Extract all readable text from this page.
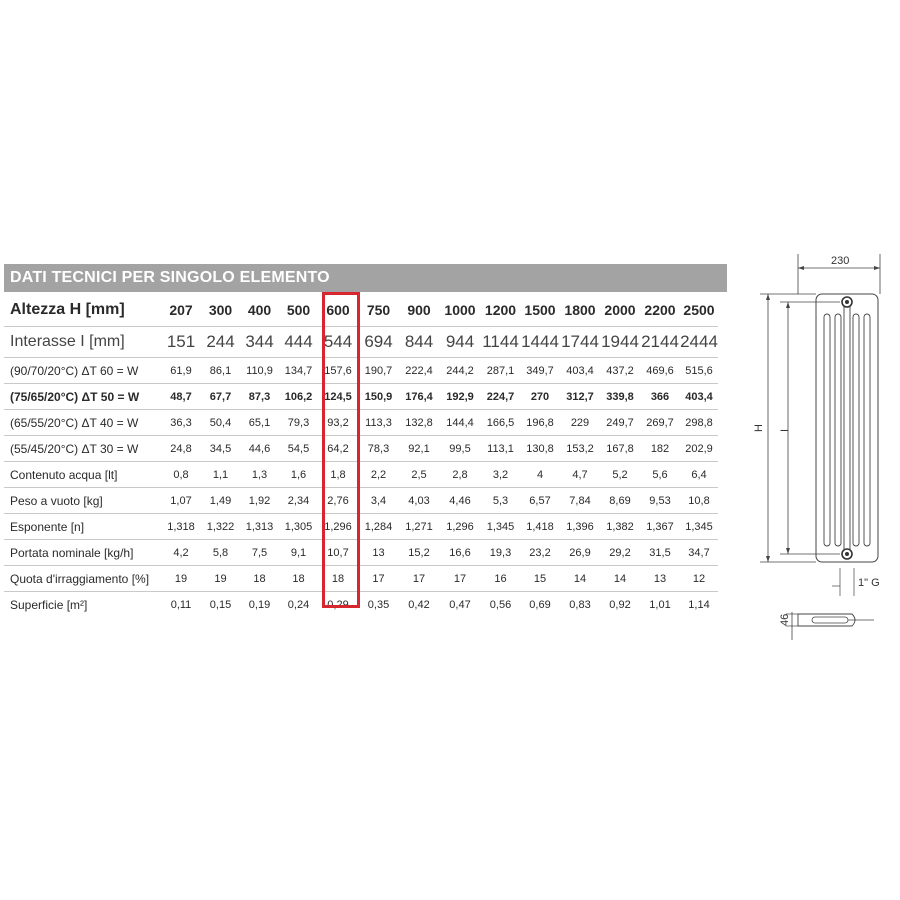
DATI TECNICI PER SINGOLO ELEMENTO
Altezza H [mm]	207	300	400	500	600	750	900	1000	1200	1500	1800	2000	2200	2500
Interasse I [mm]	151	244	344	444	544	694	844	944	1144	1444	1744	1944	2144	2444
(90/70/20°C) ΔT 60 = W	61,9	86,1	110,9	134,7	157,6	190,7	222,4	244,2	287,1	349,7	403,4	437,2	469,6	515,6
(75/65/20°C) ΔT 50 = W	48,7	67,7	87,3	106,2	124,5	150,9	176,4	192,9	224,7	270	312,7	339,8	366	403,4
(65/55/20°C) ΔT 40 = W	36,3	50,4	65,1	79,3	93,2	113,3	132,8	144,4	166,5	196,8	229	249,7	269,7	298,8
(55/45/20°C) ΔT 30 = W	24,8	34,5	44,6	54,5	64,2	78,3	92,1	99,5	113,1	130,8	153,2	167,8	182	202,9
Contenuto acqua [lt]	0,8	1,1	1,3	1,6	1,8	2,2	2,5	2,8	3,2	4	4,7	5,2	5,6	6,4
Peso a vuoto [kg]	1,07	1,49	1,92	2,34	2,76	3,4	4,03	4,46	5,3	6,57	7,84	8,69	9,53	10,8
Esponente [n]	1,318	1,322	1,313	1,305	1,296	1,284	1,271	1,296	1,345	1,418	1,396	1,382	1,367	1,345
Portata nominale [kg/h]	4,2	5,8	7,5	9,1	10,7	13	15,2	16,6	19,3	23,2	26,9	29,2	31,5	34,7
Quota d'irraggiamento [%]	19	19	18	18	18	17	17	17	16	15	14	14	13	12
Superficie [m²]	0,11	0,15	0,19	0,24	0,29	0,35	0,42	0,47	0,56	0,69	0,83	0,92	1,01	1,14
230
H I
1" G
46
